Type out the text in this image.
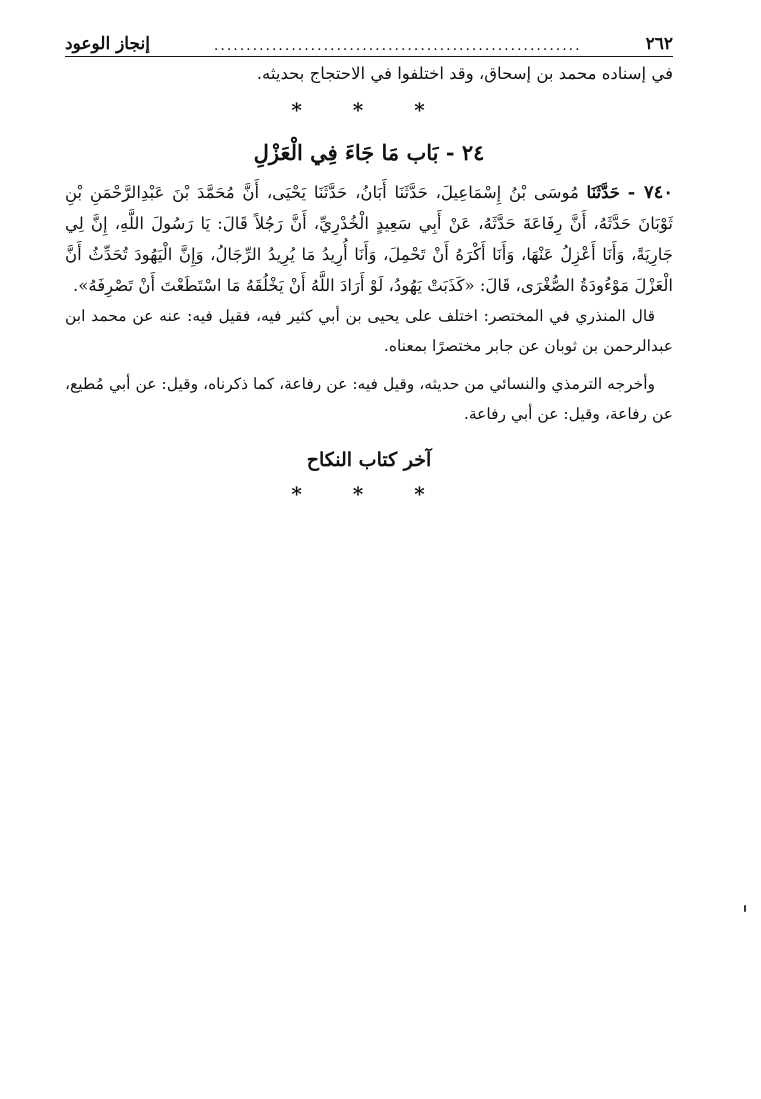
٢٦٢
.........................................................
إنجاز الوعود

في إسناده محمد بن إسحاق، وقد اختلفوا في الاحتجاج بحديثه.

* * *
٢٤ - بَاب مَا جَاءَ فِي الْعَزْلِ

٧٤٠ - حَدَّثَنَا مُوسَى بْنُ إِسْمَاعِيلَ، حَدَّثَنَا أَبَانُ، حَدَّثَنَا يَحْيَى، أَنَّ مُحَمَّدَ بْنَ عَبْدِالرَّحْمَنِ بْنِ ثَوْبَانَ حَدَّثَهُ، أَنَّ رِفَاعَةَ حَدَّثَهُ، عَنْ أَبِي سَعِيدٍ الْخُدْرِيِّ، أَنَّ رَجُلاً قَالَ: يَا رَسُولَ اللَّهِ، إِنَّ لِي جَارِيَةً، وَأَنَا أَعْزِلُ عَنْهَا، وَأَنَا أَكْرَهُ أَنْ تَحْمِلَ، وَأَنَا أُرِيدُ مَا يُرِيدُ الرِّجَالُ، وَإِنَّ الْيَهُودَ تُحَدِّثُ أَنَّ الْعَزْلَ مَوْءُودَةُ الصُّغْرَى، قَالَ: «كَذَبَتْ يَهُودُ، لَوْ أَرَادَ اللَّهُ أَنْ يَخْلُقَهُ مَا اسْتَطَعْتَ أَنْ تَصْرِفَهُ».

قال المنذري في المختصر: اختلف على يحيى بن أبي كثير فيه، فقيل فيه: عنه عن محمد ابن عبدالرحمن بن ثوبان عن جابر مختصرًا بمعناه.

وأخرجه الترمذي والنسائي من حديثه، وقيل فيه: عن رفاعة، كما ذكرناه، وقيل: عن أبي مُطيع، عن رفاعة، وقيل: عن أبي رفاعة.

آخر كتاب النكاح
* * *
